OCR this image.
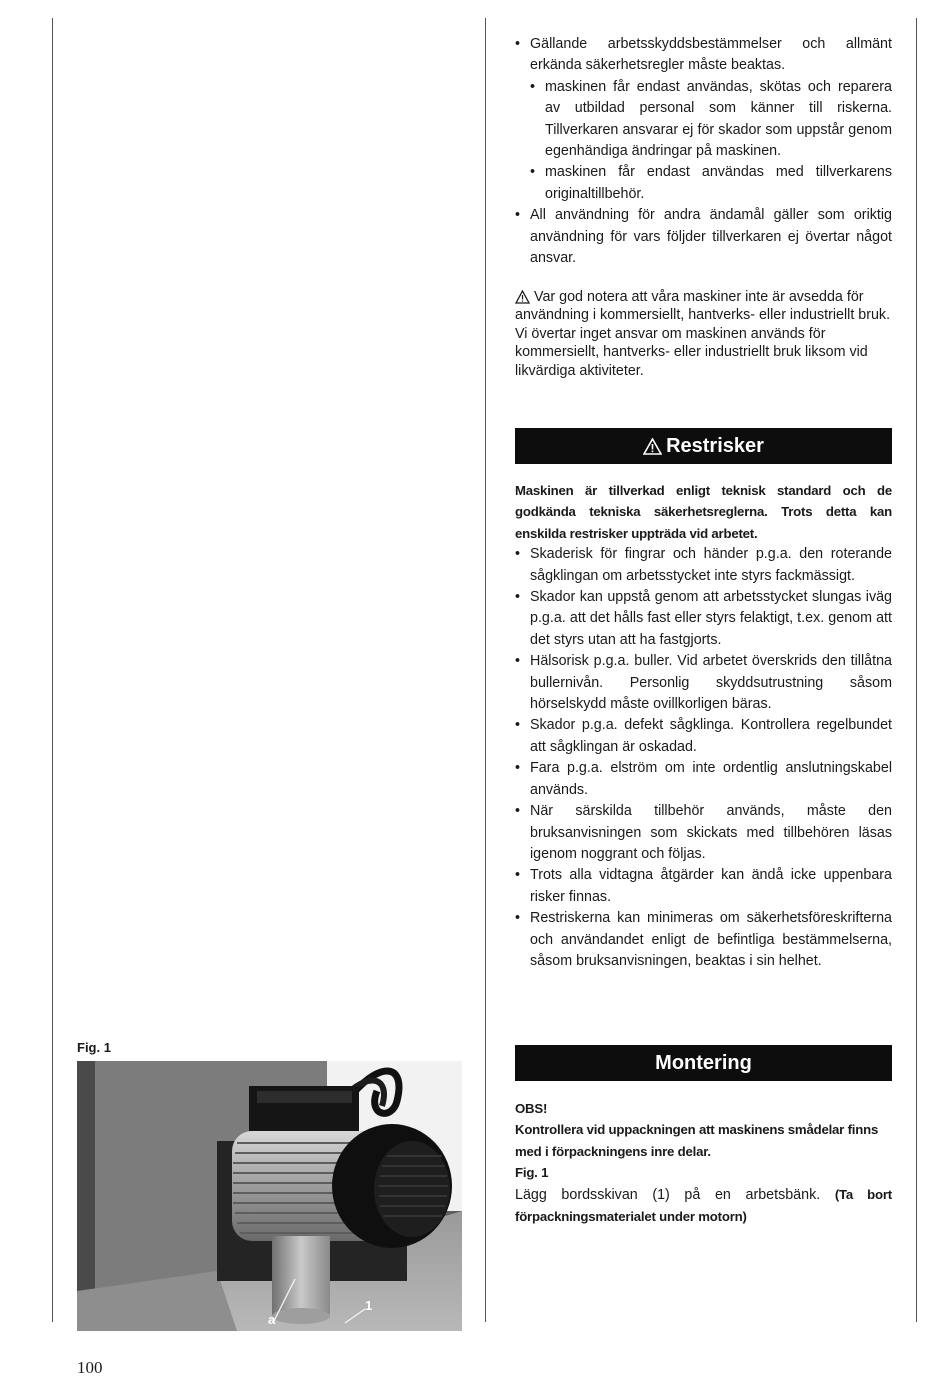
• Gällande arbetsskyddsbestämmelser och allmänt erkända säkerhetsregler måste beaktas.
• maskinen får endast användas, skötas och reparera av utbildad personal som känner till riskerna. Tillverkaren ansvarar ej för skador som uppstår genom egenhändiga ändringar på maskinen.
• maskinen får endast användas med tillverkarens originaltillbehör.
• All användning för andra ändamål gäller som oriktig användning för vars följder tillverkaren ej övertar något ansvar.

Var god notera att våra maskiner inte är avsedda för användning i kommersiellt, hantverks- eller industriellt bruk. Vi övertar inget ansvar om maskinen används för kommersiellt, hantverks- eller industriellt bruk liksom vid likvärdiga aktiviteter.

Restrisker

Maskinen är tillverkad enligt teknisk standard och de godkända tekniska säkerhetsreglerna. Trots detta kan enskilda restrisker uppträda vid arbetet.

• Skaderisk för fingrar och händer p.g.a. den roterande sågklingan om arbetsstycket inte styrs fackmässigt.
• Skador kan uppstå genom att arbetsstycket slungas iväg p.g.a. att det hålls fast eller styrs felaktigt, t.ex. genom att det styrs utan att ha fastgjorts.
• Hälsorisk p.g.a. buller. Vid arbetet överskrids den tillåtna bullernivån. Personlig skyddsutrustning såsom hörselskydd måste ovillkorligen bäras.
• Skador p.g.a. defekt sågklinga. Kontrollera regelbundet att sågklingan är oskadad.
• Fara p.g.a. elström om inte ordentlig anslutningskabel används.
• När särskilda tillbehör används, måste den bruksanvisningen som skickats med tillbehören läsas igenom noggrant och följas.
• Trots alla vidtagna åtgärder kan ändå icke uppenbara risker finnas.
• Restriskerna kan minimeras om säkerhetsföreskrifterna och användandet enligt de befintliga bestämmelserna, såsom bruksanvisningen, beaktas i sin helhet.
Montering
OBS!
Kontrollera vid uppackningen att maskinens smådelar finns med i förpackningens inre delar.
Fig. 1

Lägg bordsskivan (1) på en arbetsbänk. (Ta bort förpackningsmaterialet under motorn)

Fig. 1
a
1
100
